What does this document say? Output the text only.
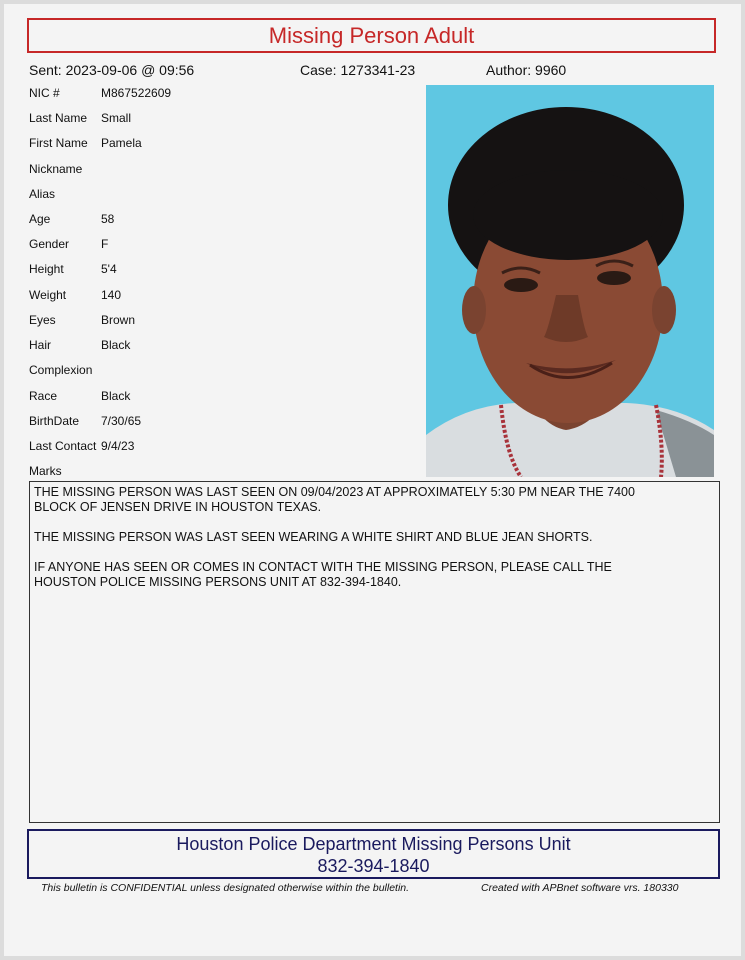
Missing Person Adult
Sent: 2023-09-06 @ 09:56	Case: 1273341-23	Author: 9960
NIC #	M867522609
Last Name Small
First Name Pamela
Nickname
Alias
Age	58
Gender	F
Height	5'4
Weight	140
Eyes	Brown
Hair	Black
Complexion
Race	Black
BirthDate 7/30/65
Last Contact 9/4/23
Marks

THE MISSING PERSON WAS LAST SEEN ON 09/04/2023 AT APPROXIMATELY 5:30 PM NEAR THE 7400
BLOCK OF JENSEN DRIVE IN HOUSTON TEXAS.

THE MISSING PERSON WAS LAST SEEN WEARING A WHITE SHIRT AND BLUE JEAN SHORTS.

IF ANYONE HAS SEEN OR COMES IN CONTACT WITH THE MISSING PERSON, PLEASE CALL THE
HOUSTON POLICE MISSING PERSONS UNIT AT 832-394-1840.

Houston Police Department Missing Persons Unit
832-394-1840
This bulletin is CONFIDENTIAL unless designated otherwise within the bulletin.	Created with APBnet software vrs. 180330
